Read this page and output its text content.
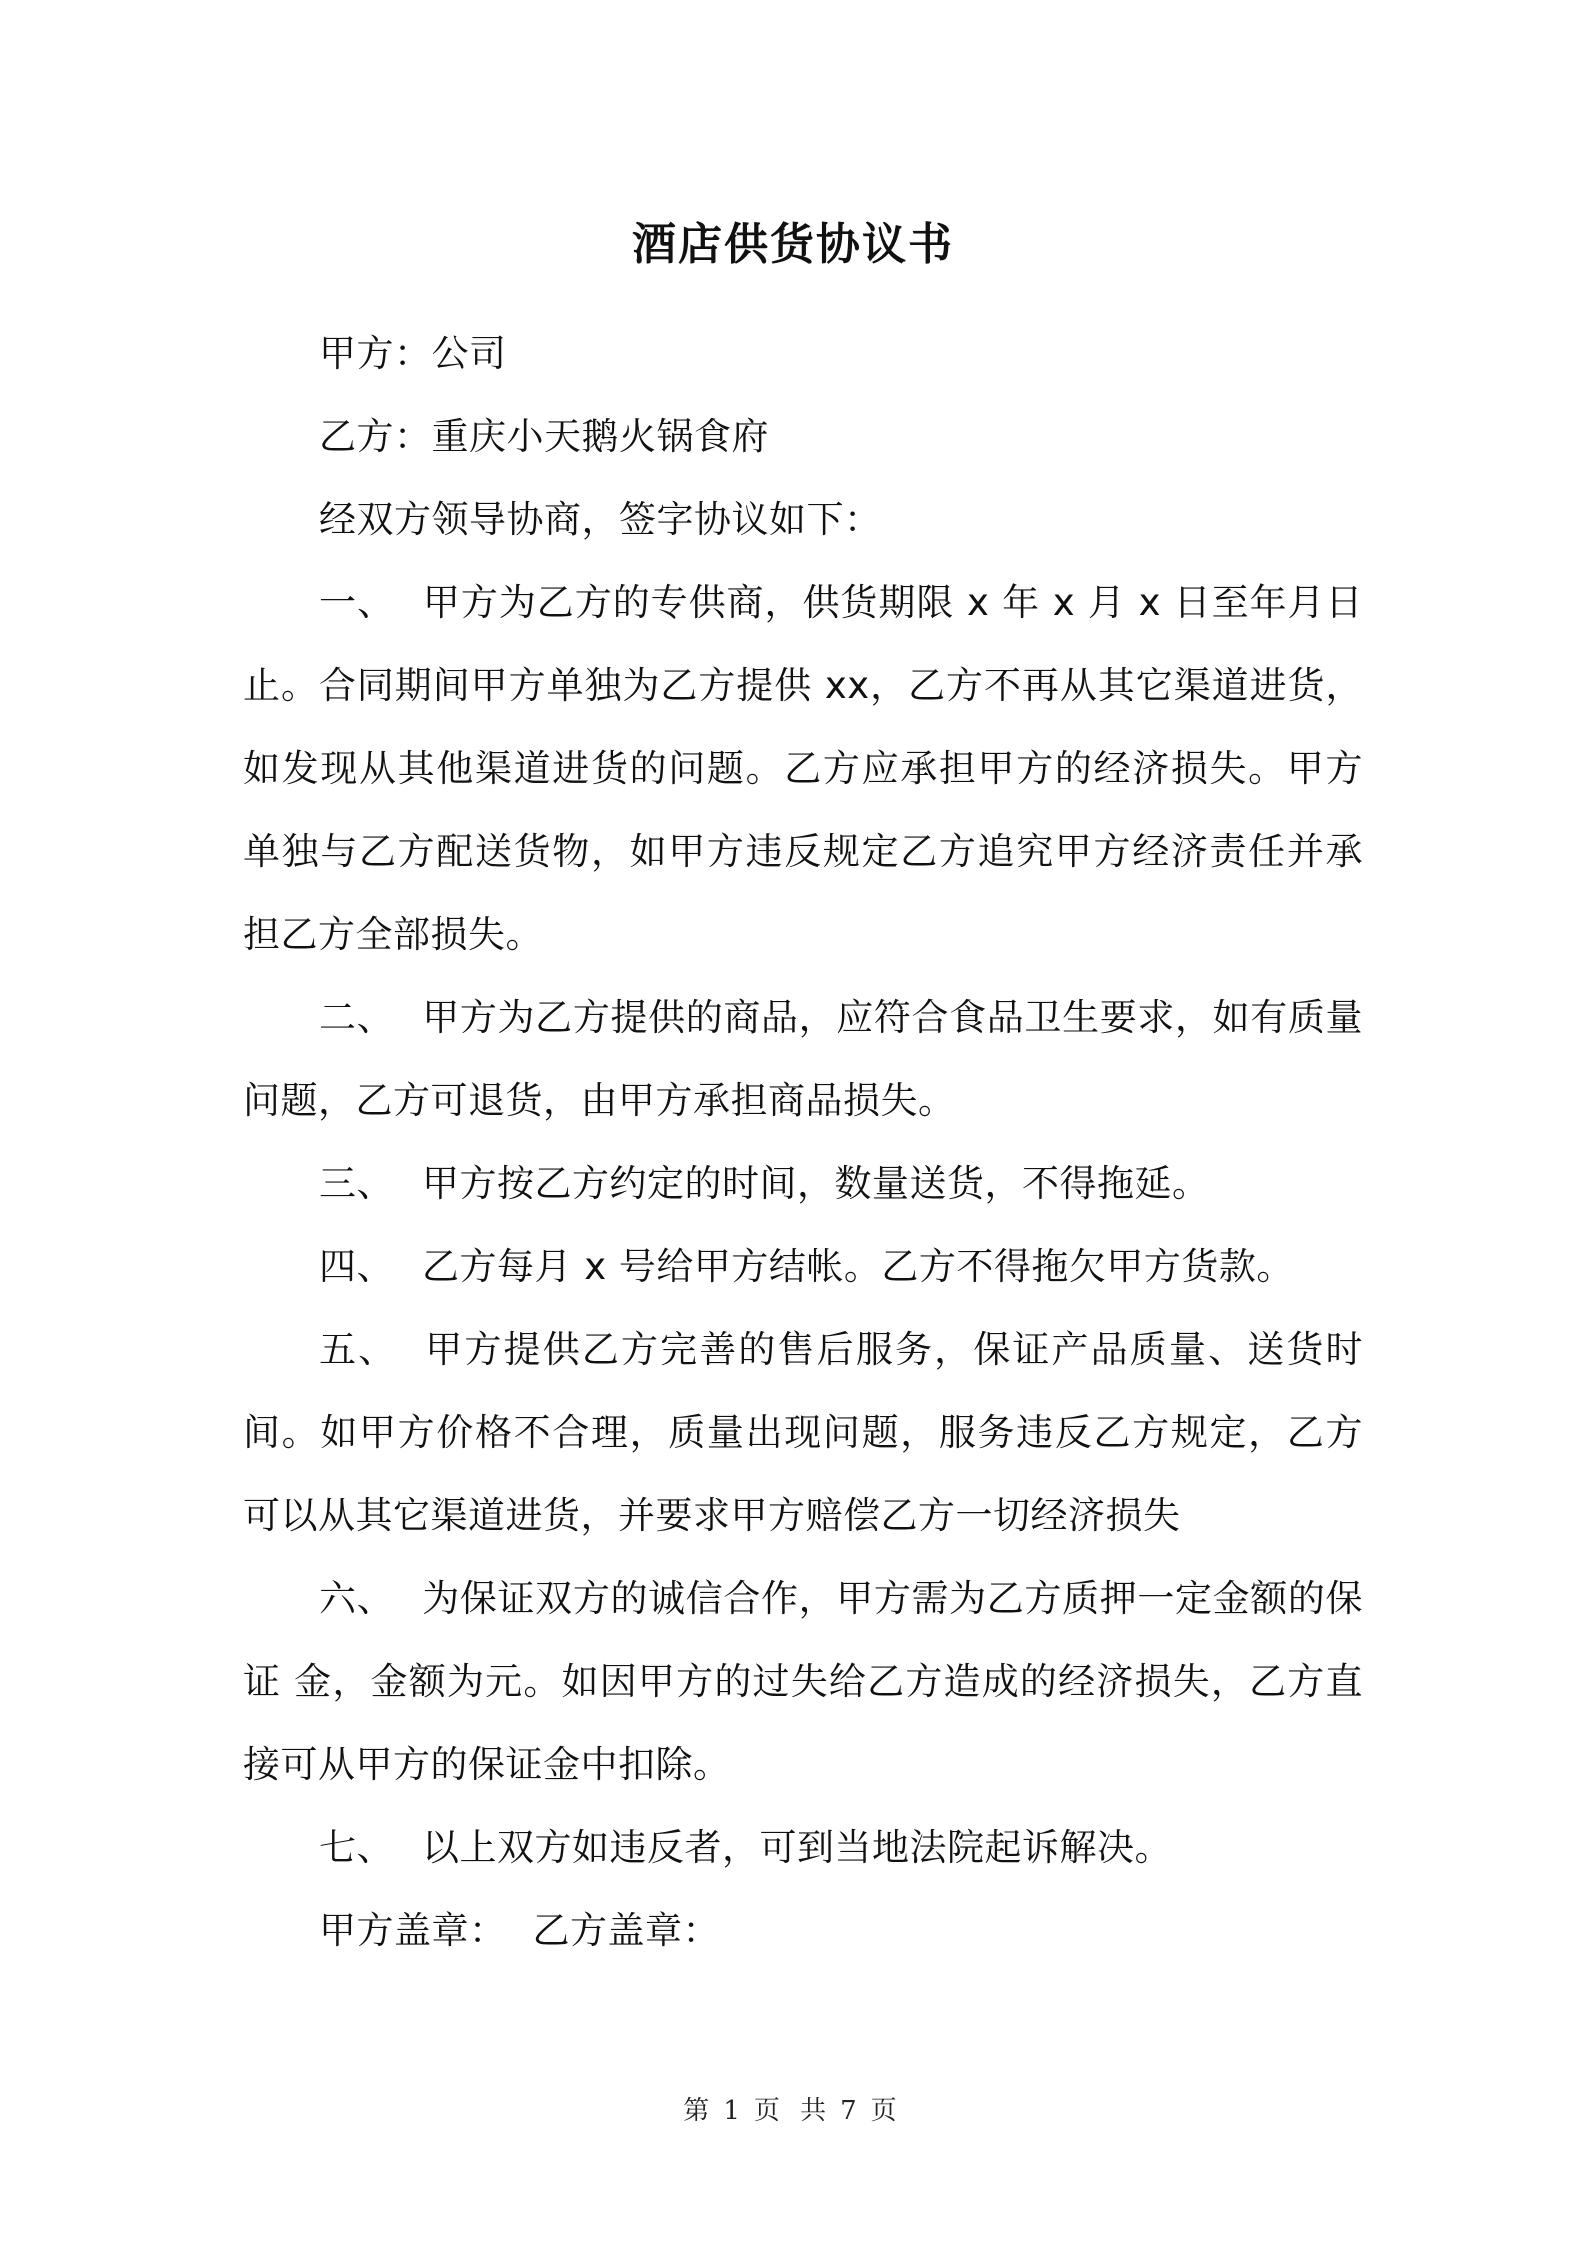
酒店供货协议书

甲方：公司

乙方：重庆小天鹅火锅食府

经双方领导协商，签字协议如下：

一、 甲方为乙方的专供商，供货期限 x 年 x 月 x 日至年月日止。合同期间甲方单独为乙方提供 xx，乙方不再从其它渠道进货，如发现从其他渠道进货的问题。乙方应承担甲方的经济损失。甲方单独与乙方配送货物，如甲方违反规定乙方追究甲方经济责任并承担乙方全部损失。

二、 甲方为乙方提供的商品，应符合食品卫生要求，如有质量问题，乙方可退货，由甲方承担商品损失。

三、 甲方按乙方约定的时间，数量送货，不得拖延。

四、 乙方每月 x 号给甲方结帐。乙方不得拖欠甲方货款。

五、 甲方提供乙方完善的售后服务，保证产品质量、送货时间。如甲方价格不合理，质量出现问题，服务违反乙方规定，乙方可以从其它渠道进货，并要求甲方赔偿乙方一切经济损失

六、 为保证双方的诚信合作，甲方需为乙方质押一定金额的保证 金，金额为元。如因甲方的过失给乙方造成的经济损失，乙方直接可从甲方的保证金中扣除。

七、 以上双方如违反者，可到当地法院起诉解决。

甲方盖章： 乙方盖章：

第 1 页 共 7 页
